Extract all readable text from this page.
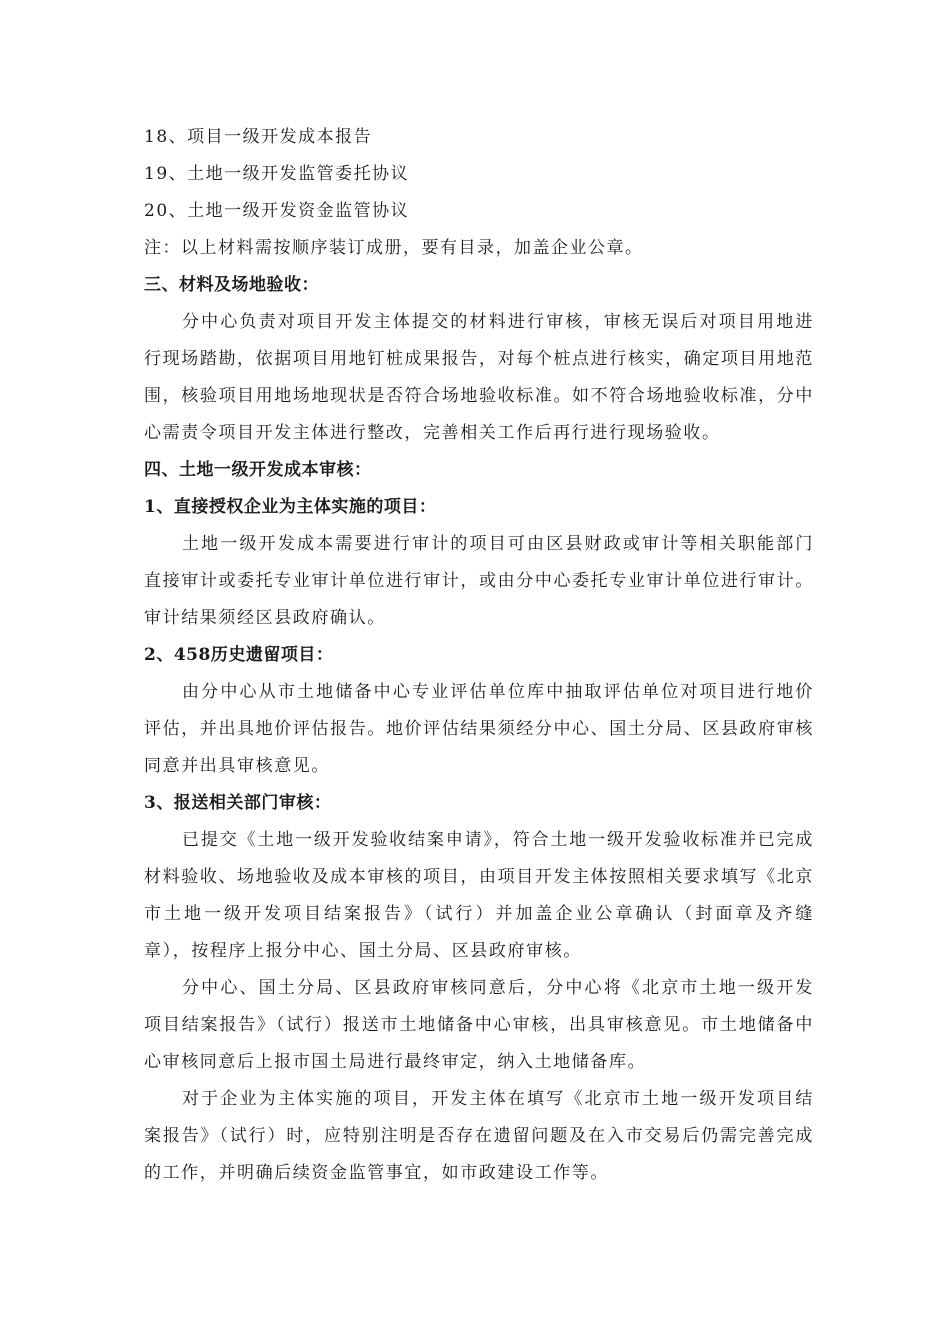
18、项目一级开发成本报告
19、土地一级开发监管委托协议
20、土地一级开发资金监管协议
注：以上材料需按顺序装订成册，要有目录，加盖企业公章。
三、材料及场地验收：

分中心负责对项目开发主体提交的材料进行审核，审核无误后对项目用地进行现场踏勘，依据项目用地钉桩成果报告，对每个桩点进行核实，确定项目用地范围，核验项目用地场地现状是否符合场地验收标准。如不符合场地验收标准，分中心需责令项目开发主体进行整改，完善相关工作后再行进行现场验收。

四、土地一级开发成本审核：
1、直接授权企业为主体实施的项目：

土地一级开发成本需要进行审计的项目可由区县财政或审计等相关职能部门直接审计或委托专业审计单位进行审计，或由分中心委托专业审计单位进行审计。审计结果须经区县政府确认。

2、458历史遗留项目：

由分中心从市土地储备中心专业评估单位库中抽取评估单位对项目进行地价评估，并出具地价评估报告。地价评估结果须经分中心、国土分局、区县政府审核同意并出具审核意见。

3、报送相关部门审核：

已提交《土地一级开发验收结案申请》，符合土地一级开发验收标准并已完成材料验收、场地验收及成本审核的项目，由项目开发主体按照相关要求填写《北京市土地一级开发项目结案报告》（试行）并加盖企业公章确认（封面章及齐缝章），按程序上报分中心、国土分局、区县政府审核。

分中心、国土分局、区县政府审核同意后，分中心将《北京市土地一级开发项目结案报告》（试行）报送市土地储备中心审核，出具审核意见。市土地储备中心审核同意后上报市国土局进行最终审定，纳入土地储备库。

对于企业为主体实施的项目，开发主体在填写《北京市土地一级开发项目结案报告》（试行）时，应特别注明是否存在遗留问题及在入市交易后仍需完善完成的工作，并明确后续资金监管事宜，如市政建设工作等。
